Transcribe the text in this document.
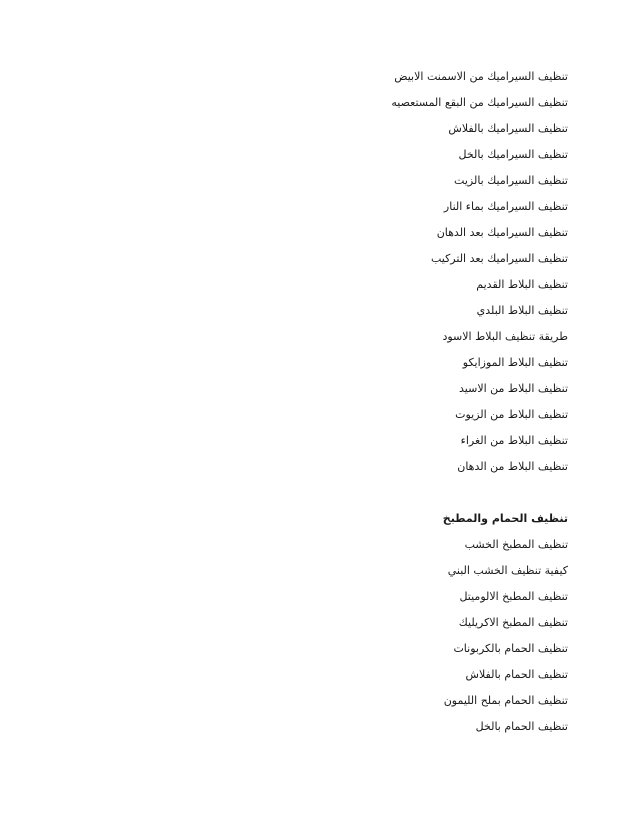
تنظيف السيراميك من الاسمنت الابيض
تنظيف السيراميك من البقع المستعصيه
تنظيف السيراميك بالفلاش
تنظيف السيراميك بالخل
تنظيف السيراميك بالزيت
تنظيف السيراميك بماء النار
تنظيف السيراميك بعد الدهان
تنظيف السيراميك بعد التركيب
تنظيف البلاط القديم
تنظيف البلاط البلدي
طريقة تنظيف البلاط الاسود
تنظيف البلاط الموزايكو
تنظيف البلاط من الاسيد
تنظيف البلاط من الزيوت
تنظيف البلاط من الغراء
تنظيف البلاط من الدهان
تنظيف الحمام والمطبخ
تنظيف المطبخ الخشب
كيفية تنظيف الخشب البني
تنظيف المطبخ الالوميتل
تنظيف المطبخ الاكريليك
تنظيف الحمام بالكربونات
تنظيف الحمام بالفلاش
تنظيف الحمام بملح الليمون
تنظيف الحمام بالخل
